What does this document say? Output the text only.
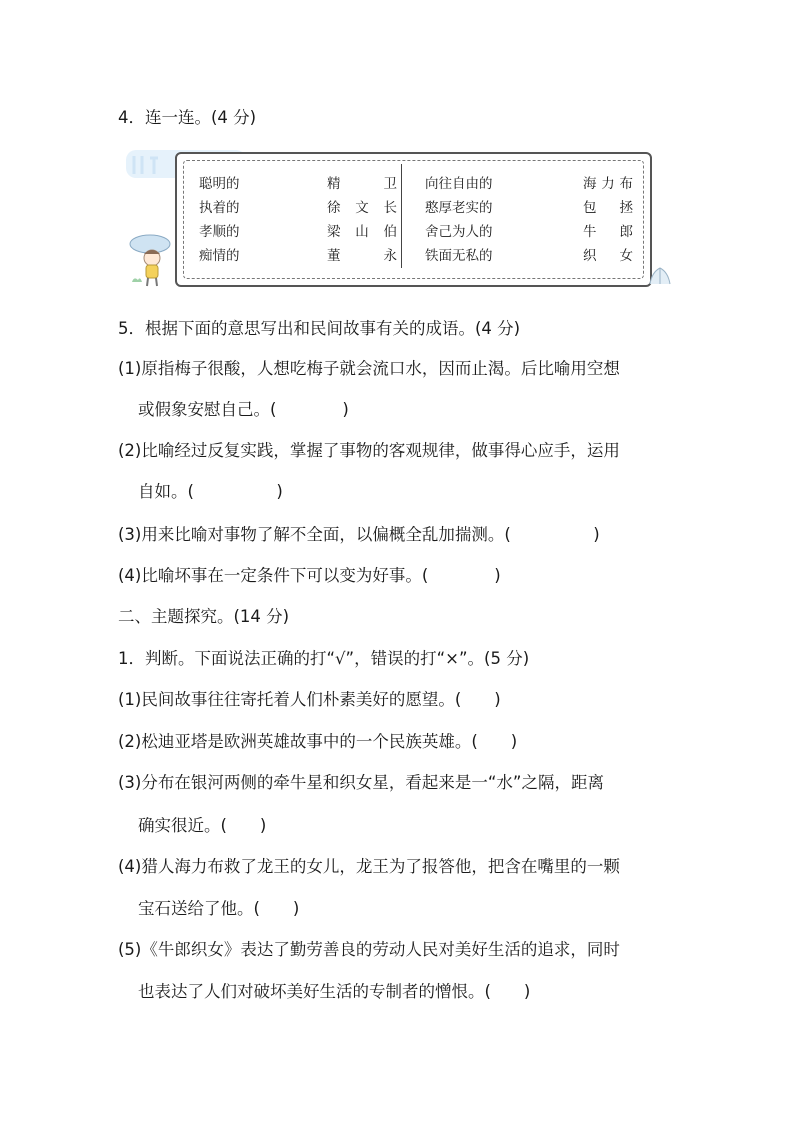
4．连一连。(4 分)
聪明的
执着的
孝顺的
痴情的
精　卫
徐文长
梁山伯
董　永
向往自由的
憨厚老实的
舍己为人的
铁面无私的
海力布
包　拯
牛　郎
织　女
5．根据下面的意思写出和民间故事有关的成语。(4 分)
(1)原指梅子很酸，人想吃梅子就会流口水，因而止渴。后比喻用空想
或假象安慰自己。(　　　　)
(2)比喻经过反复实践，掌握了事物的客观规律，做事得心应手，运用
自如。(　　　　　)
(3)用来比喻对事物了解不全面，以偏概全乱加揣测。(　　　　　)
(4)比喻坏事在一定条件下可以变为好事。(　　　　)
二、主题探究。(14 分)
1．判断。下面说法正确的打“√”，错误的打“×”。(5 分)
(1)民间故事往往寄托着人们朴素美好的愿望。(　　)
(2)松迪亚塔是欧洲英雄故事中的一个民族英雄。(　　)
(3)分布在银河两侧的牵牛星和织女星，看起来是一“水”之隔，距离
确实很近。(　　)
(4)猎人海力布救了龙王的女儿，龙王为了报答他，把含在嘴里的一颗
宝石送给了他。(　　)
(5)《牛郎织女》表达了勤劳善良的劳动人民对美好生活的追求，同时
也表达了人们对破坏美好生活的专制者的憎恨。(　　)
